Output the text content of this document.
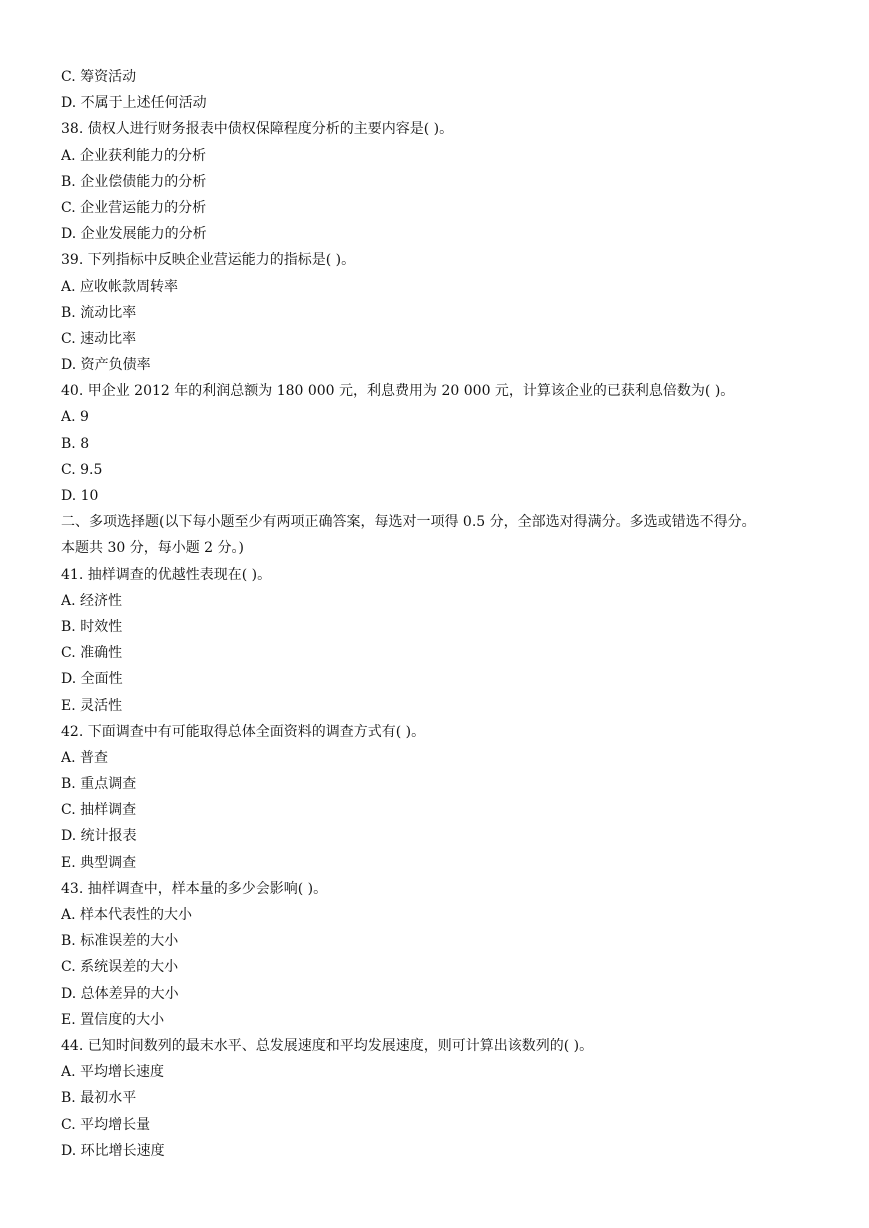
C. 筹资活动
D. 不属于上述任何活动
38. 债权人进行财务报表中债权保障程度分析的主要内容是( )。
A. 企业获利能力的分析
B. 企业偿债能力的分析
C. 企业营运能力的分析
D. 企业发展能力的分析
39. 下列指标中反映企业营运能力的指标是( )。
A. 应收帐款周转率
B. 流动比率
C. 速动比率
D. 资产负债率
40. 甲企业 2012 年的利润总额为 180 000 元，利息费用为 20 000 元，计算该企业的已获利息倍数为( )。
A. 9
B. 8
C. 9.5
D. 10
二、多项选择题(以下每小题至少有两项正确答案，每选对一项得 0.5 分，全部选对得满分。多选或错选不得分。
本题共 30 分，每小题 2 分。)
41. 抽样调查的优越性表现在( )。
A. 经济性
B. 时效性
C. 准确性
D. 全面性
E. 灵活性
42. 下面调查中有可能取得总体全面资料的调查方式有( )。
A. 普查
B. 重点调查
C. 抽样调查
D. 统计报表
E. 典型调查
43. 抽样调查中，样本量的多少会影响( )。
A. 样本代表性的大小
B. 标准误差的大小
C. 系统误差的大小
D. 总体差异的大小
E. 置信度的大小
44. 已知时间数列的最末水平、总发展速度和平均发展速度，则可计算出该数列的( )。
A. 平均增长速度
B. 最初水平
C. 平均增长量
D. 环比增长速度
